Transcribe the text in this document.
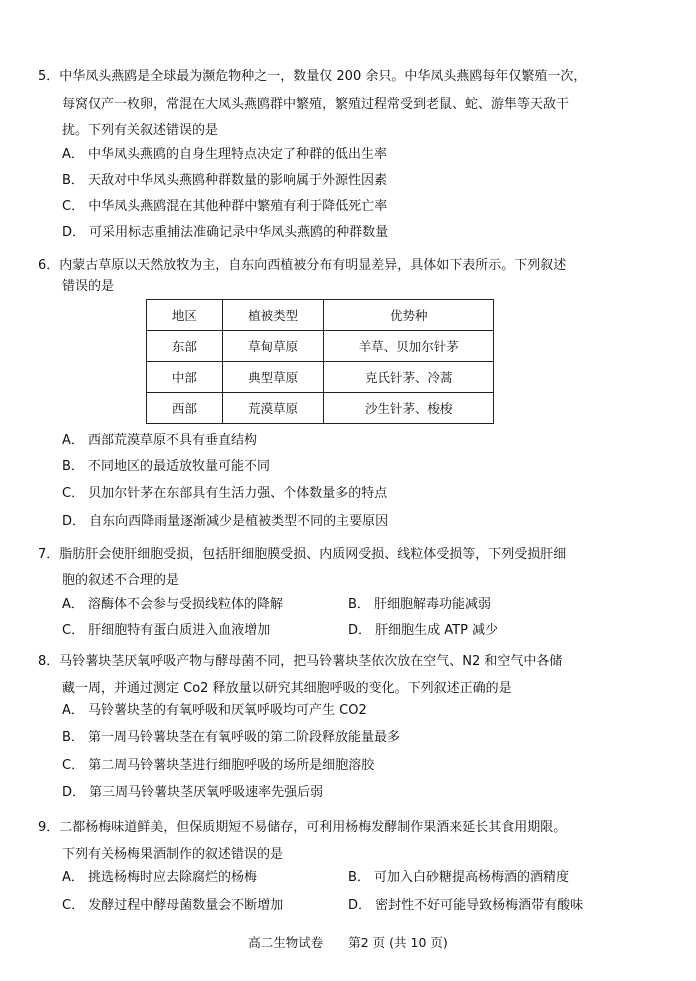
5．中华凤头燕鸥是全球最为濒危物种之一，数量仅 200 余只。中华凤头燕鸥每年仅繁殖一次，
每窝仅产一枚卵，常混在大凤头燕鸥群中繁殖，繁殖过程常受到老鼠、蛇、游隼等天敌干
扰。下列有关叙述错误的是
A． 中华凤头燕鸥的自身生理特点决定了种群的低出生率
B． 天敌对中华凤头燕鸥种群数量的影响属于外源性因素
C． 中华凤头燕鸥混在其他种群中繁殖有利于降低死亡率
D． 可采用标志重捕法准确记录中华凤头燕鸥的种群数量
6．内蒙古草原以天然放牧为主，自东向西植被分布有明显差异，具体如下表所示。下列叙述
错误的是
地区	植被类型	优势种
东部	草甸草原	羊草、贝加尔针茅
中部	典型草原	克氏针茅、冷蒿
西部	荒漠草原	沙生针茅、梭梭
A． 西部荒漠草原不具有垂直结构
B． 不同地区的最适放牧量可能不同
C． 贝加尔针茅在东部具有生活力强、个体数量多的特点
D． 自东向西降雨量逐渐减少是植被类型不同的主要原因
7．脂肪肝会使肝细胞受损，包括肝细胞膜受损、内质网受损、线粒体受损等，下列受损肝细
胞的叙述不合理的是
A． 溶酶体不会参与受损线粒体的降解	B． 肝细胞解毒功能减弱
C． 肝细胞特有蛋白质进入血液增加	D． 肝细胞生成 ATP 减少
8．马铃薯块茎厌氧呼吸产物与酵母菌不同，把马铃薯块茎依次放在空气、N2 和空气中各储
藏一周，并通过测定 Co2 释放量以研究其细胞呼吸的变化。下列叙述正确的是
A． 马铃薯块茎的有氧呼吸和厌氧呼吸均可产生 CO2
B． 第一周马铃薯块茎在有氧呼吸的第二阶段释放能量最多
C． 第二周马铃薯块茎进行细胞呼吸的场所是细胞溶胶
D． 第三周马铃薯块茎厌氧呼吸速率先强后弱
9．二都杨梅味道鲜美，但保质期短不易储存，可利用杨梅发酵制作果酒来延长其食用期限。
下列有关杨梅果酒制作的叙述错误的是
A． 挑选杨梅时应去除腐烂的杨梅	B． 可加入白砂糖提高杨梅酒的酒精度
C． 发酵过程中酵母菌数量会不断增加	D． 密封性不好可能导致杨梅酒带有酸味
高二生物试卷　　第2 页 (共 10 页)
